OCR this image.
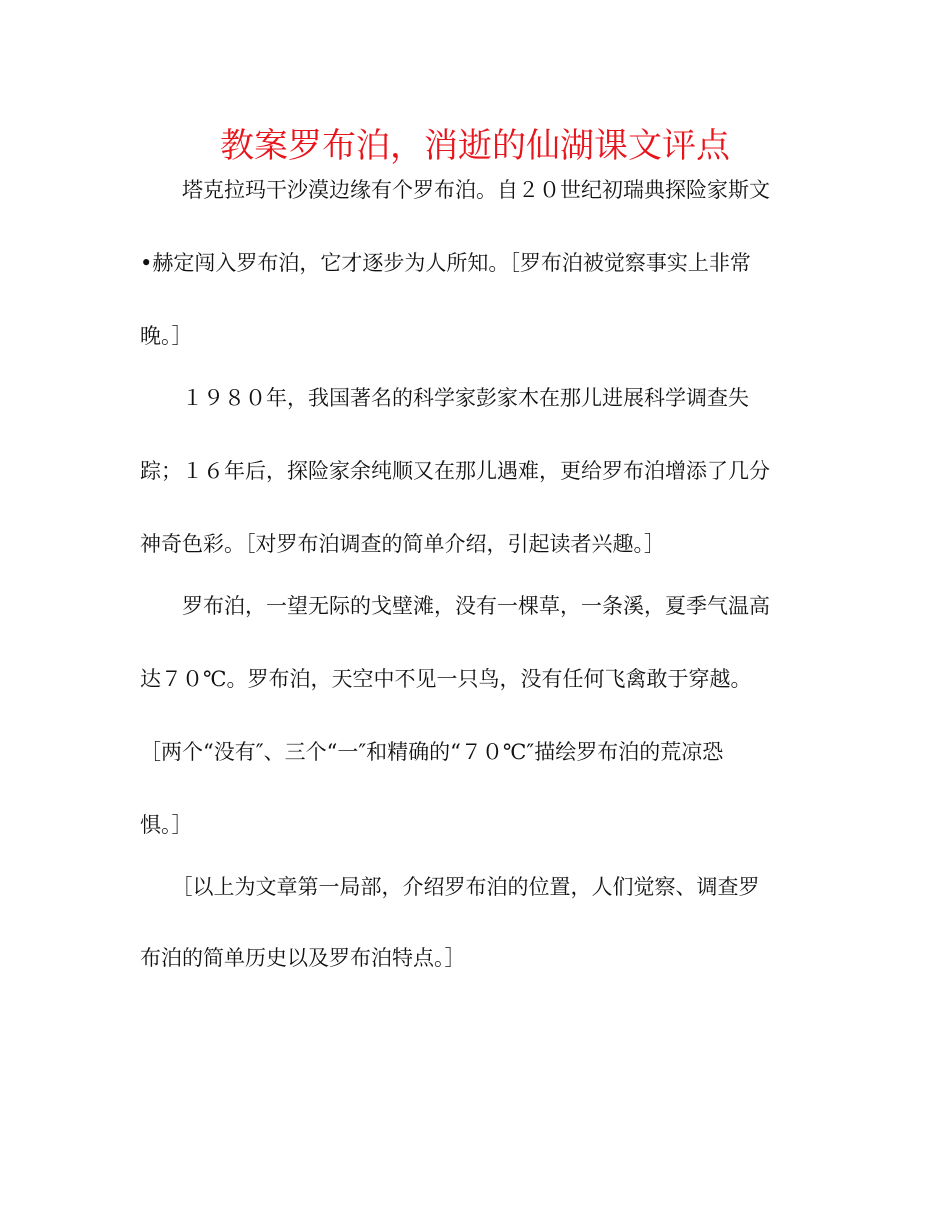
教案罗布泊，消逝的仙湖课文评点
　　塔克拉玛干沙漠边缘有个罗布泊。自２０世纪初瑞典探险家斯文
•赫定闯入罗布泊，它才逐步为人所知。［罗布泊被觉察事实上非常
晚。］
　　１９８０年，我国著名的科学家彭家木在那儿进展科学调查失
踪；１６年后，探险家余纯顺又在那儿遇难，更给罗布泊增添了几分
神奇色彩。［对罗布泊调查的简单介绍，引起读者兴趣。］
　　罗布泊，一望无际的戈壁滩，没有一棵草，一条溪，夏季气温高
达７０℃。罗布泊，天空中不见一只鸟，没有任何飞禽敢于穿越。
［两个“没有″、三个“一″和精确的“７０℃″描绘罗布泊的荒凉恐
惧。］
　　［以上为文章第一局部，介绍罗布泊的位置，人们觉察、调查罗
布泊的简单历史以及罗布泊特点。］
